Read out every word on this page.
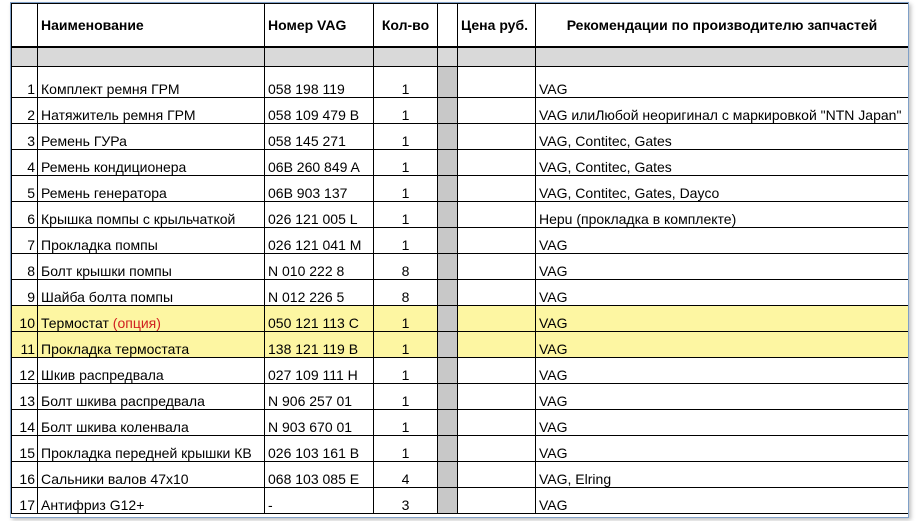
	Наименование	Номер VAG	Кол-во		Цена руб.	Рекомендации по производителю запчастей

1	Комплект ремня ГРМ	058 198 119	1			VAG
2	Натяжитель ремня ГРМ	058 109 479 B	1			VAG илиЛюбой неоригинал с маркировкой "NTN Japan"
3	Ремень ГУРа	058 145 271	1			VAG, Contitec, Gates
4	Ремень кондиционера	06B 260 849 A	1			VAG, Contitec, Gates
5	Ремень генератора	06B 903 137	1			VAG, Contitec, Gates, Dayco
6	Крышка помпы с крыльчаткой	026 121 005 L	1			Hepu (прокладка в комплекте)
7	Прокладка помпы	026 121 041 M	1			VAG
8	Болт крышки помпы	N 010 222 8	8			VAG
9	Шайба болта помпы	N 012 226 5	8			VAG
10	Термостат (опция)	050 121 113 C	1			VAG
11	Прокладка термостата	138 121 119 B	1			VAG
12	Шкив распредвала	027 109 111 H	1			VAG
13	Болт шкива распредвала	N 906 257 01	1			VAG
14	Болт шкива коленвала	N 903 670 01	1			VAG
15	Прокладка передней крышки КВ	026 103 161 B	1			VAG
16	Сальники валов 47x10	068 103 085 E	4			VAG, Elring
17	Антифриз G12+	-	3			VAG
